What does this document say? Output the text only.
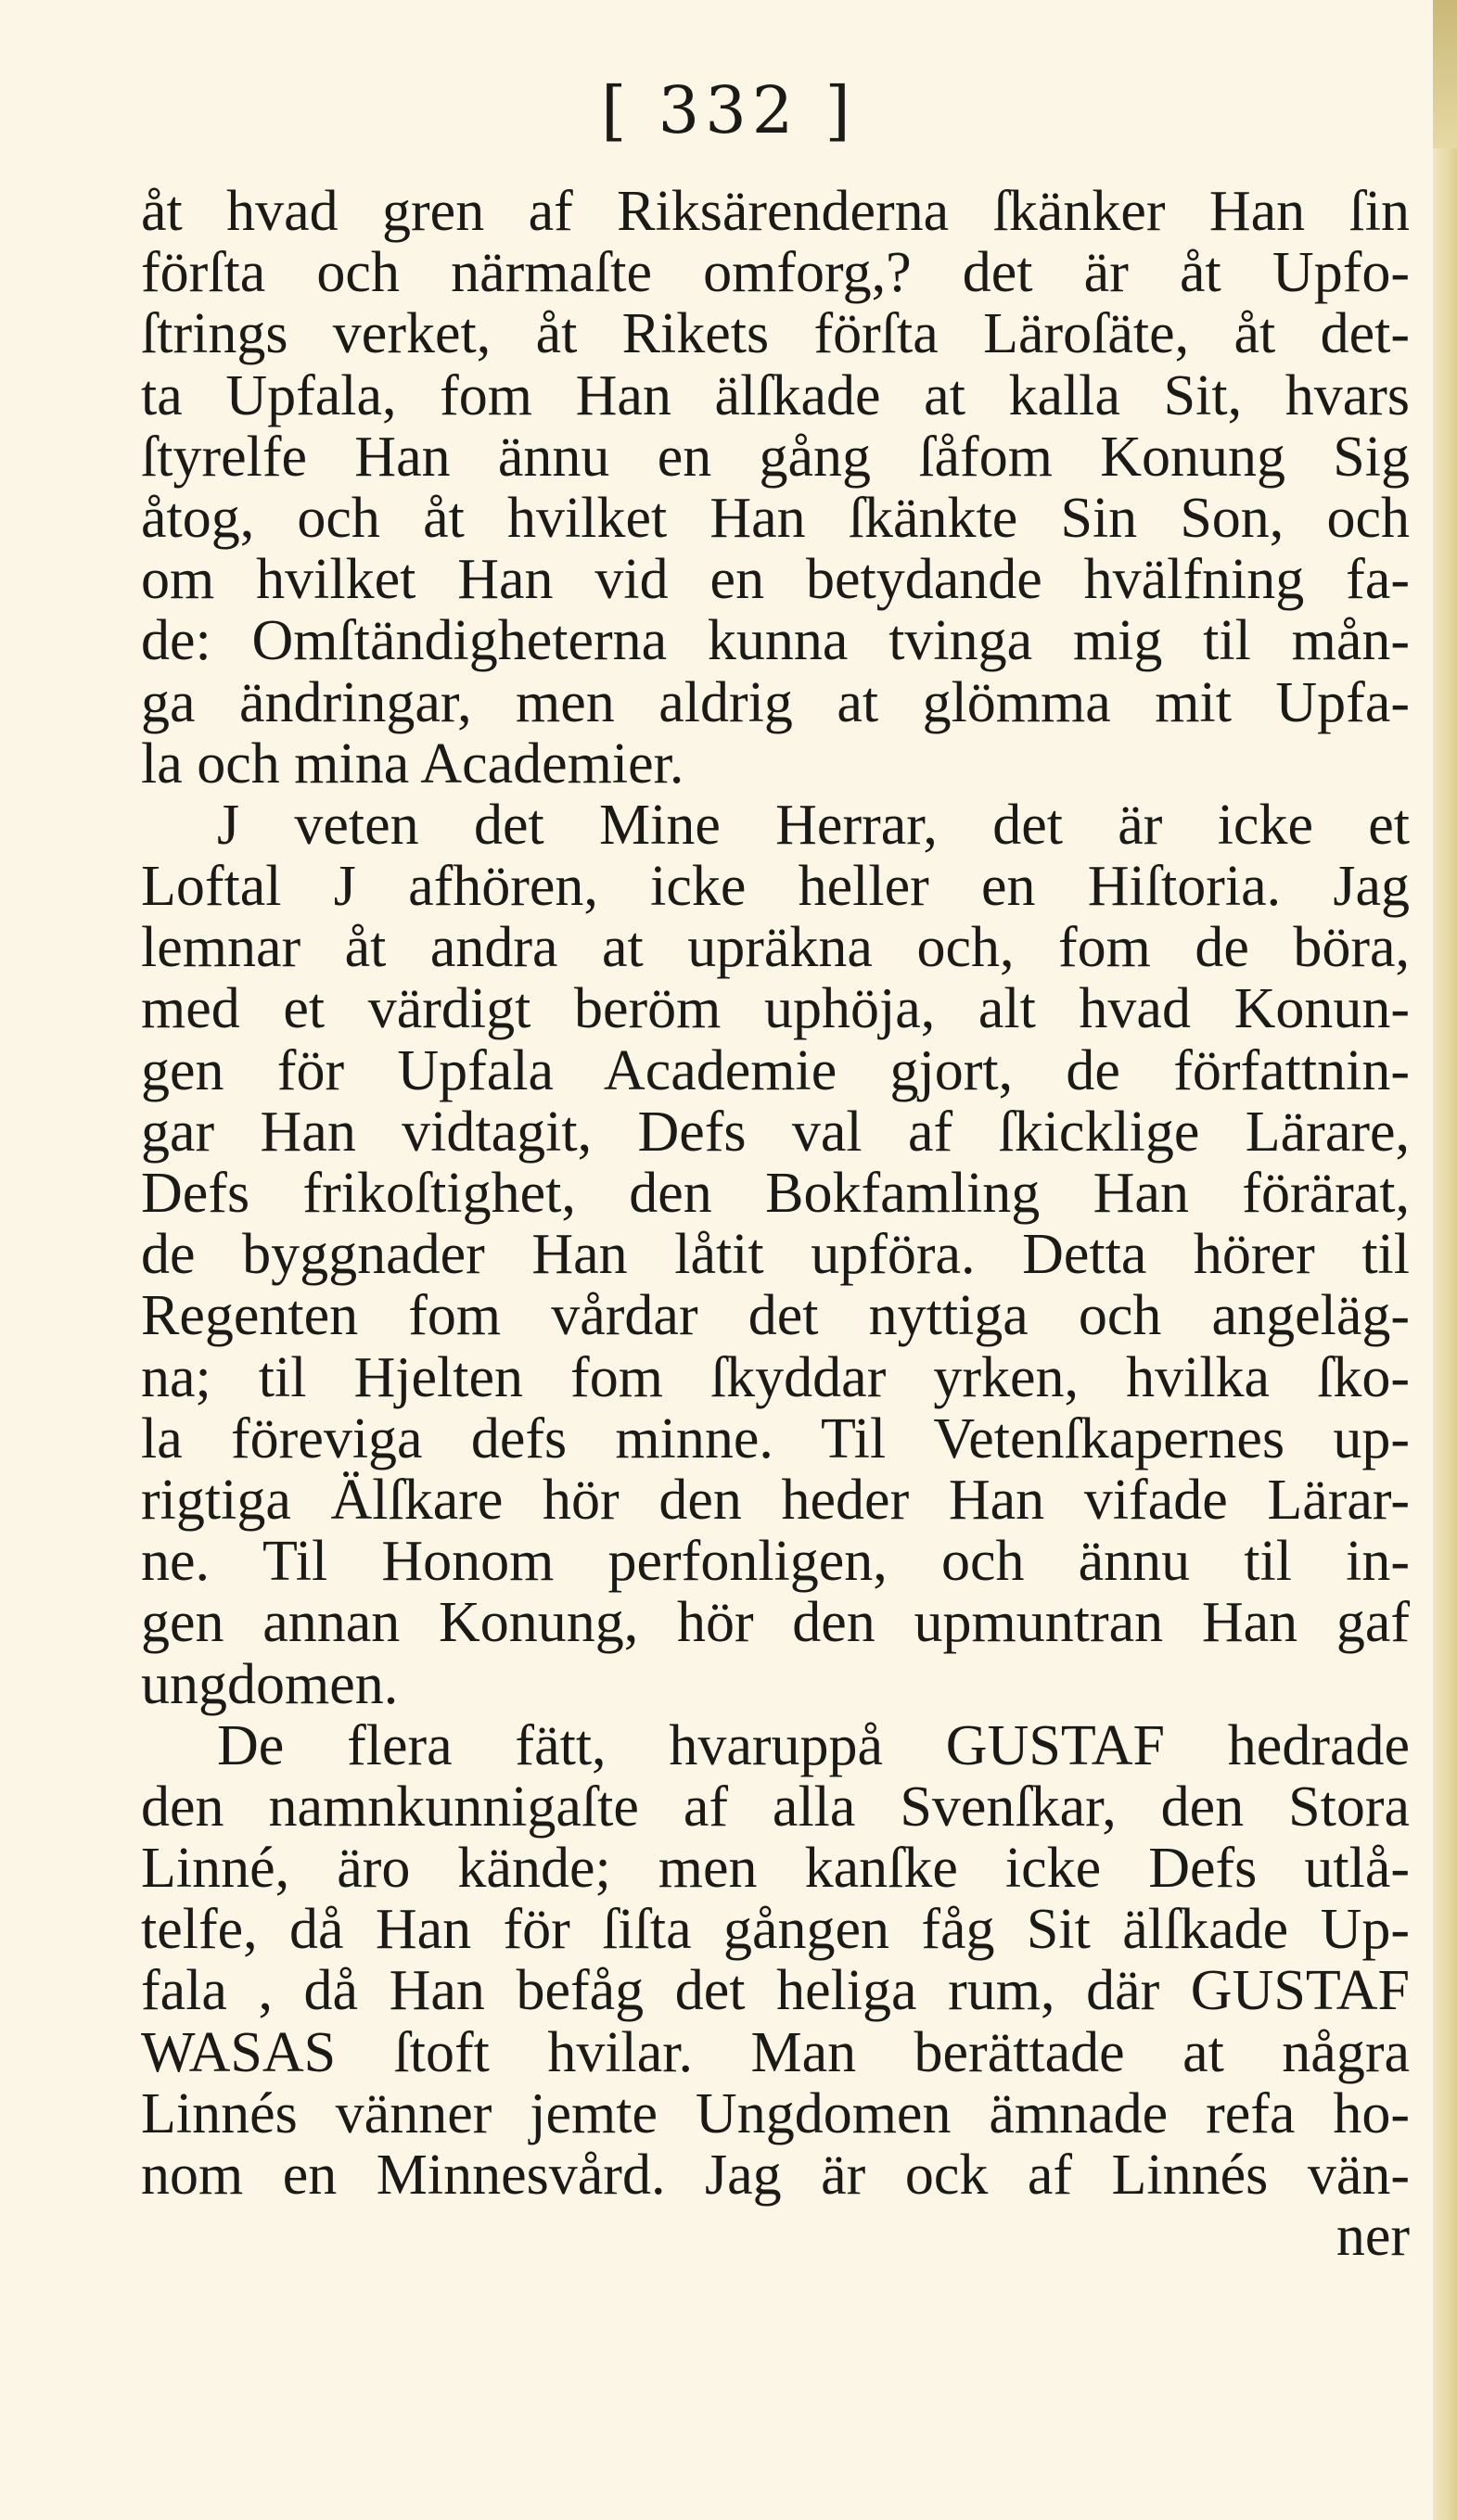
[ 332 ]
åt hvad gren af Riksärenderna ſkänker Han ſin
förſta och närmaſte omforg,? det är åt Upfo-
ſtrings verket, åt Rikets förſta Läroſäte, åt det-
ta Upfala, fom Han älſkade at kalla Sit, hvars
ſtyrelfe Han ännu en gång ſåfom Konung Sig
åtog, och åt hvilket Han ſkänkte Sin Son, och
om hvilket Han vid en betydande hvälfning fa-
de: Omſtändigheterna kunna tvinga mig til mån-
ga ändringar, men aldrig at glömma mit Upfa-
la och mina Academier.
J veten det Mine Herrar, det är icke et
Loftal J afhören, icke heller en Hiſtoria. Jag
lemnar åt andra at upräkna och, fom de böra,
med et värdigt beröm uphöja, alt hvad Konun-
gen för Upfala Academie gjort, de författnin-
gar Han vidtagit, Defs val af ſkicklige Lärare,
Defs frikoſtighet, den Bokfamling Han förärat,
de byggnader Han låtit upföra. Detta hörer til
Regenten fom vårdar det nyttiga och angeläg-
na; til Hjelten fom ſkyddar yrken, hvilka ſko-
la föreviga defs minne. Til Vetenſkapernes up-
rigtiga Älſkare hör den heder Han vifade Lärar-
ne. Til Honom perfonligen, och ännu til in-
gen annan Konung, hör den upmuntran Han gaf
ungdomen.
De flera fätt, hvaruppå GUSTAF hedrade
den namnkunnigaſte af alla Svenſkar, den Stora
Linné, äro kände; men kanſke icke Defs utlå-
telfe, då Han för ſiſta gången fåg Sit älſkade Up-
fala , då Han befåg det heliga rum, där GUSTAF
WASAS ſtoft hvilar. Man berättade at några
Linnés vänner jemte Ungdomen ämnade refa ho-
nom en Minnesvård. Jag är ock af Linnés vän-
ner
